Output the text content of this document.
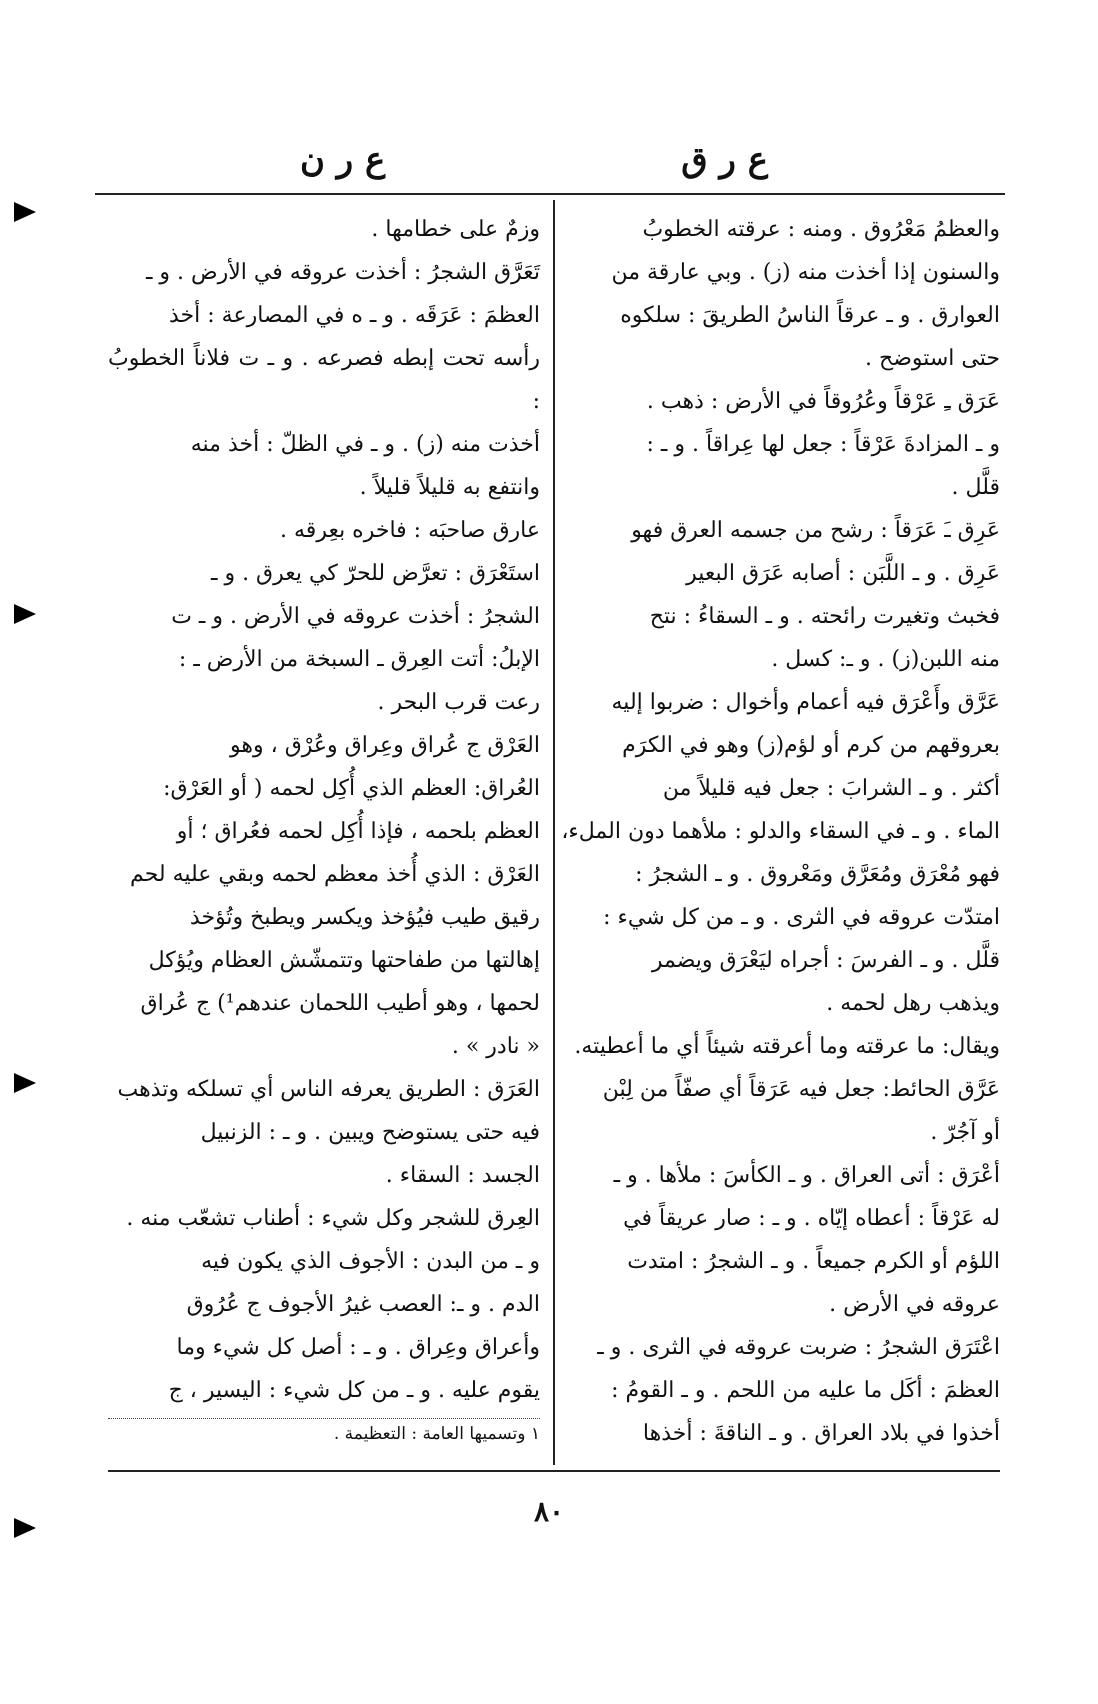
ع ر ق
ع ر ن

والعظمُ مَعْرُوق . ومنه : عرقته الخطوبُ

والسنون إذا أخذت منه (ز) . وبي عارقة من

العوارق . و ـ عرقاً الناسُ الطريقَ : سلكوه

حتى استوضح .

عَرَق ـِ عَرْقاً وعُرُوقاً في الأرض : ذهب .

و ـ المزادةَ عَرْقاً : جعل لها عِراقاً . و ـ :

قلَّل .

عَرِق ـَ عَرَقاً : رشح من جسمه العرق فهو

عَرِق . و ـ اللَّبَن : أصابه عَرَق البعير

فخبث وتغيرت رائحته . و ـ السقاءُ : نتح

منه اللبن(ز) . و ـ: كسل .

عَرَّق وأَعْرَق فيه أعمام وأخوال : ضربوا إليه

بعروقهم من كرم أو لؤم(ز) وهو في الكرَم

أكثر . و ـ الشرابَ : جعل فيه قليلاً من

الماء . و ـ في السقاء والدلو : ملأهما دون الملء،

فهو مُعْرَق ومُعَرَّق ومَعْروق . و ـ الشجرُ :

امتدّت عروقه في الثرى . و ـ من كل شيء :

قلَّل . و ـ الفرسَ : أجراه ليَعْرَق ويضمر

ويذهب رهل لحمه .

ويقال: ما عرقته وما أعرقته شيئاً أي ما أعطيته.

عَرَّق الحائط: جعل فيه عَرَقاً أي صفّاً من لِبْن

أو آجُرّ .

أعْرَق : أتى العراق . و ـ الكأسَ : ملأها . و ـ

له عَرْقاً : أعطاه إيّاه . و ـ : صار عريقاً في

اللؤم أو الكرم جميعاً . و ـ الشجرُ : امتدت

عروقه في الأرض .

اعْتَرَق الشجرُ : ضربت عروقه في الثرى . و ـ

العظمَ : أكَل ما عليه من اللحم . و ـ القومُ :

أخذوا في بلاد العراق . و ـ الناقةَ : أخذها

وزمٌ على خطامها .

تَعَرَّق الشجرُ : أخذت عروقه في الأرض . و ـ

العظمَ : عَرَقَه . و ـ ه في المصارعة : أخذ

رأسه تحت إبطه فصرعه . و ـ ت فلاناً الخطوبُ :

أخذت منه (ز) . و ـ في الظلّ : أخذ منه

وانتفع به قليلاً قليلاً .

عارق صاحبَه : فاخره بعِرقه .

استَعْرَق : تعرَّض للحرّ كي يعرق . و ـ

الشجرُ : أخذت عروقه في الأرض . و ـ ت

الإبلُ: أتت العِرق ـ السبخة من الأرض ـ :

رعت قرب البحر .

العَرْق ج عُراق وعِراق وعُرْق ، وهو

العُراق: العظم الذي أُكِل لحمه ( أو العَرْق:

العظم بلحمه ، فإذا أُكِل لحمه فعُراق ؛ أو

العَرْق : الذي أُخذ معظم لحمه وبقي عليه لحم

رقيق طيب فيُؤخذ ويكسر ويطبخ وتُؤخذ

إهالتها من طفاحتها وتتمشّش العظام ويُؤكل

لحمها ، وهو أطيب اللحمان عندهم¹) ج عُراق

« نادر » .

العَرَق : الطريق يعرفه الناس أي تسلكه وتذهب

فيه حتى يستوضح ويبين . و ـ : الزنبيل

الجسد : السقاء .

العِرق للشجر وكل شيء : أطناب تشعّب منه .

و ـ من البدن : الأجوف الذي يكون فيه

الدم . و ـ: العصب غيرُ الأجوف ج عُرُوق

وأعراق وعِراق . و ـ : أصل كل شيء وما

يقوم عليه . و ـ من كل شيء : اليسير ، ج

١ وتسميها العامة : التعظيمة .
٨٠
